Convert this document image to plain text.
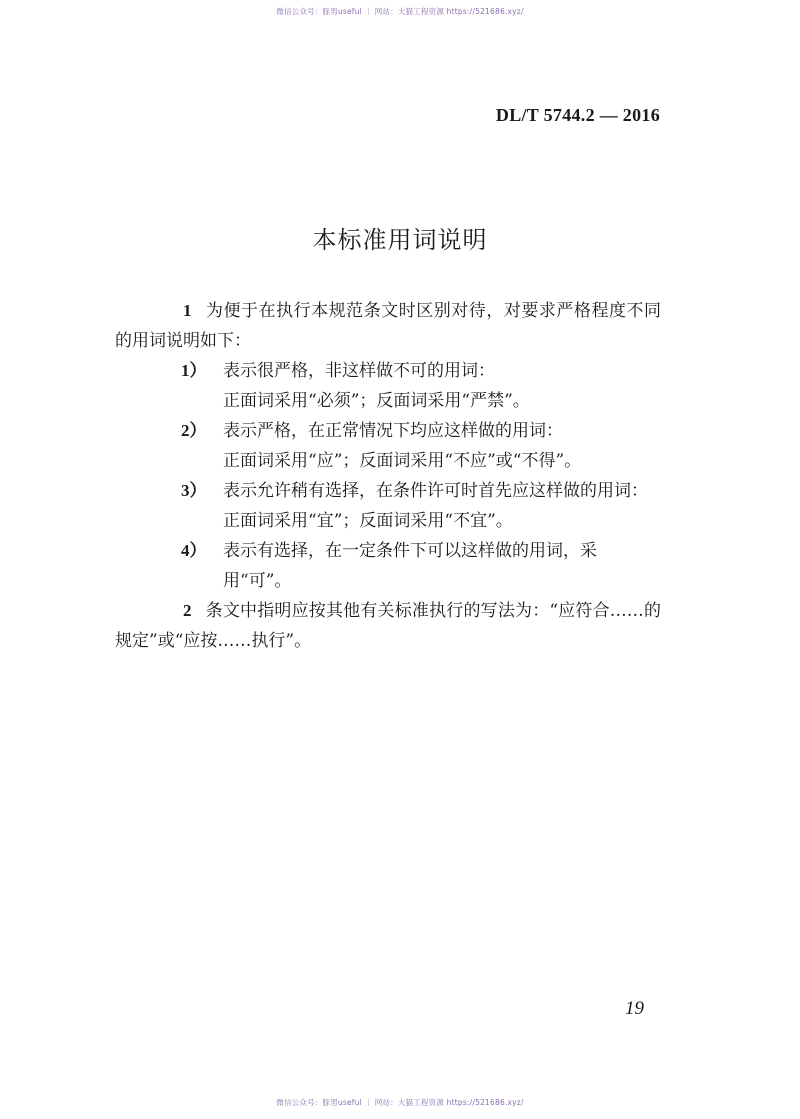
微信公众号：豚男useful ｜ 网站：大猫工程资源 https://521686.xyz/
DL/T 5744.2 — 2016
本标准用词说明

1 为便于在执行本规范条文时区别对待，对要求严格程度不同的用词说明如下：

1） 表示很严格，非这样做不可的用词：
正面词采用“必须”；反面词采用“严禁”。
2） 表示严格，在正常情况下均应这样做的用词：
正面词采用“应”；反面词采用“不应”或“不得”。
3） 表示允许稍有选择，在条件许可时首先应这样做的用词：
正面词采用“宜”；反面词采用“不宜”。
4） 表示有选择，在一定条件下可以这样做的用词，采用“可”。

2 条文中指明应按其他有关标准执行的写法为：“应符合……的规定”或“应按……执行”。

19
微信公众号：豚男useful ｜ 网站：大猫工程资源 https://521686.xyz/
